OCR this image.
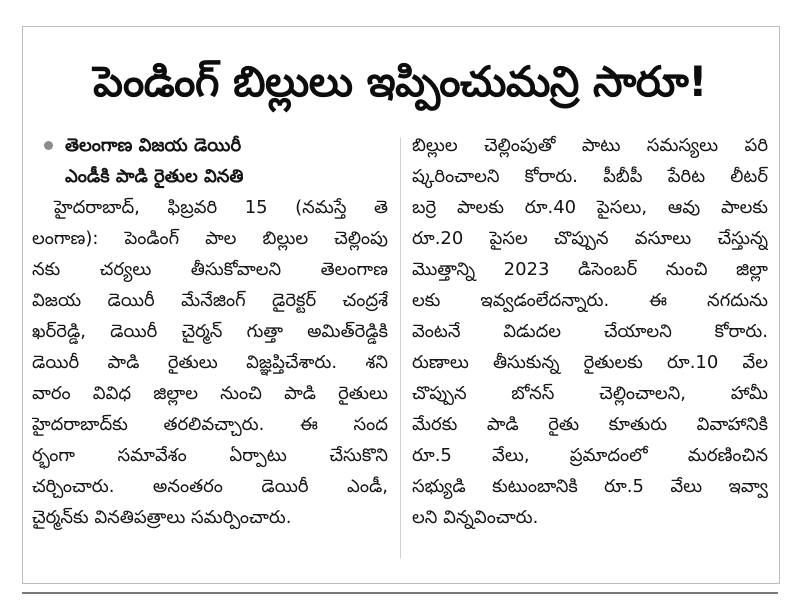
పెండింగ్ బిల్లులు ఇప్పించుమన్రి సారూ!
తెలంగాణ విజయ డెయిరీ
ఎండీకి పాడి రైతుల వినతి
హైదరాబాద్, ఫిబ్రవరి 15 (నమస్తే తె
లంగాణ): పెండింగ్ పాల బిల్లుల చెల్లింపు
నకు చర్యలు తీసుకోవాలని తెలంగాణ
విజయ డెయిరీ మేనేజింగ్ డైరెక్టర్ చంద్రశే
ఖర్‌రెడ్డి, డెయిరీ చైర్మన్ గుత్తా అమిత్‌రెడ్డికి
డెయిరీ పాడి రైతులు విజ్ఞప్తిచేశారు. శని
వారం వివిధ జిల్లాల నుంచి పాడి రైతులు
హైదరాబాద్‌కు తరలివచ్చారు. ఈ సంద
ర్భంగా సమావేశం ఏర్పాటు చేసుకొని
చర్చించారు. అనంతరం డెయిరీ ఎండీ,
చైర్మన్‌కు వినతిపత్రాలు సమర్పించారు.
బిల్లుల చెల్లింపుతో పాటు సమస్యలు పరి
ష్కరించాలని కోరారు. పీబీపీ పేరిట లీటర్
బర్రె పాలకు రూ.40 పైసలు, ఆవు పాలకు
రూ.20 పైసల చొప్పున వసూలు చేస్తున్న
మొత్తాన్ని 2023 డిసెంబర్ నుంచి జిల్లా
లకు ఇవ్వడంలేదన్నారు. ఈ నగదును
వెంటనే విడుదల చేయాలని కోరారు.
రుణాలు తీసుకున్న రైతులకు రూ.10 వేల
చొప్పున బోనస్ చెల్లించాలని, హామీ
మేరకు పాడి రైతు కూతురు వివాహానికి
రూ.5 వేలు, ప్రమాదంలో మరణించిన
సభ్యుడి కుటుంబానికి రూ.5 వేలు ఇవ్వా
లని విన్నవించారు.
